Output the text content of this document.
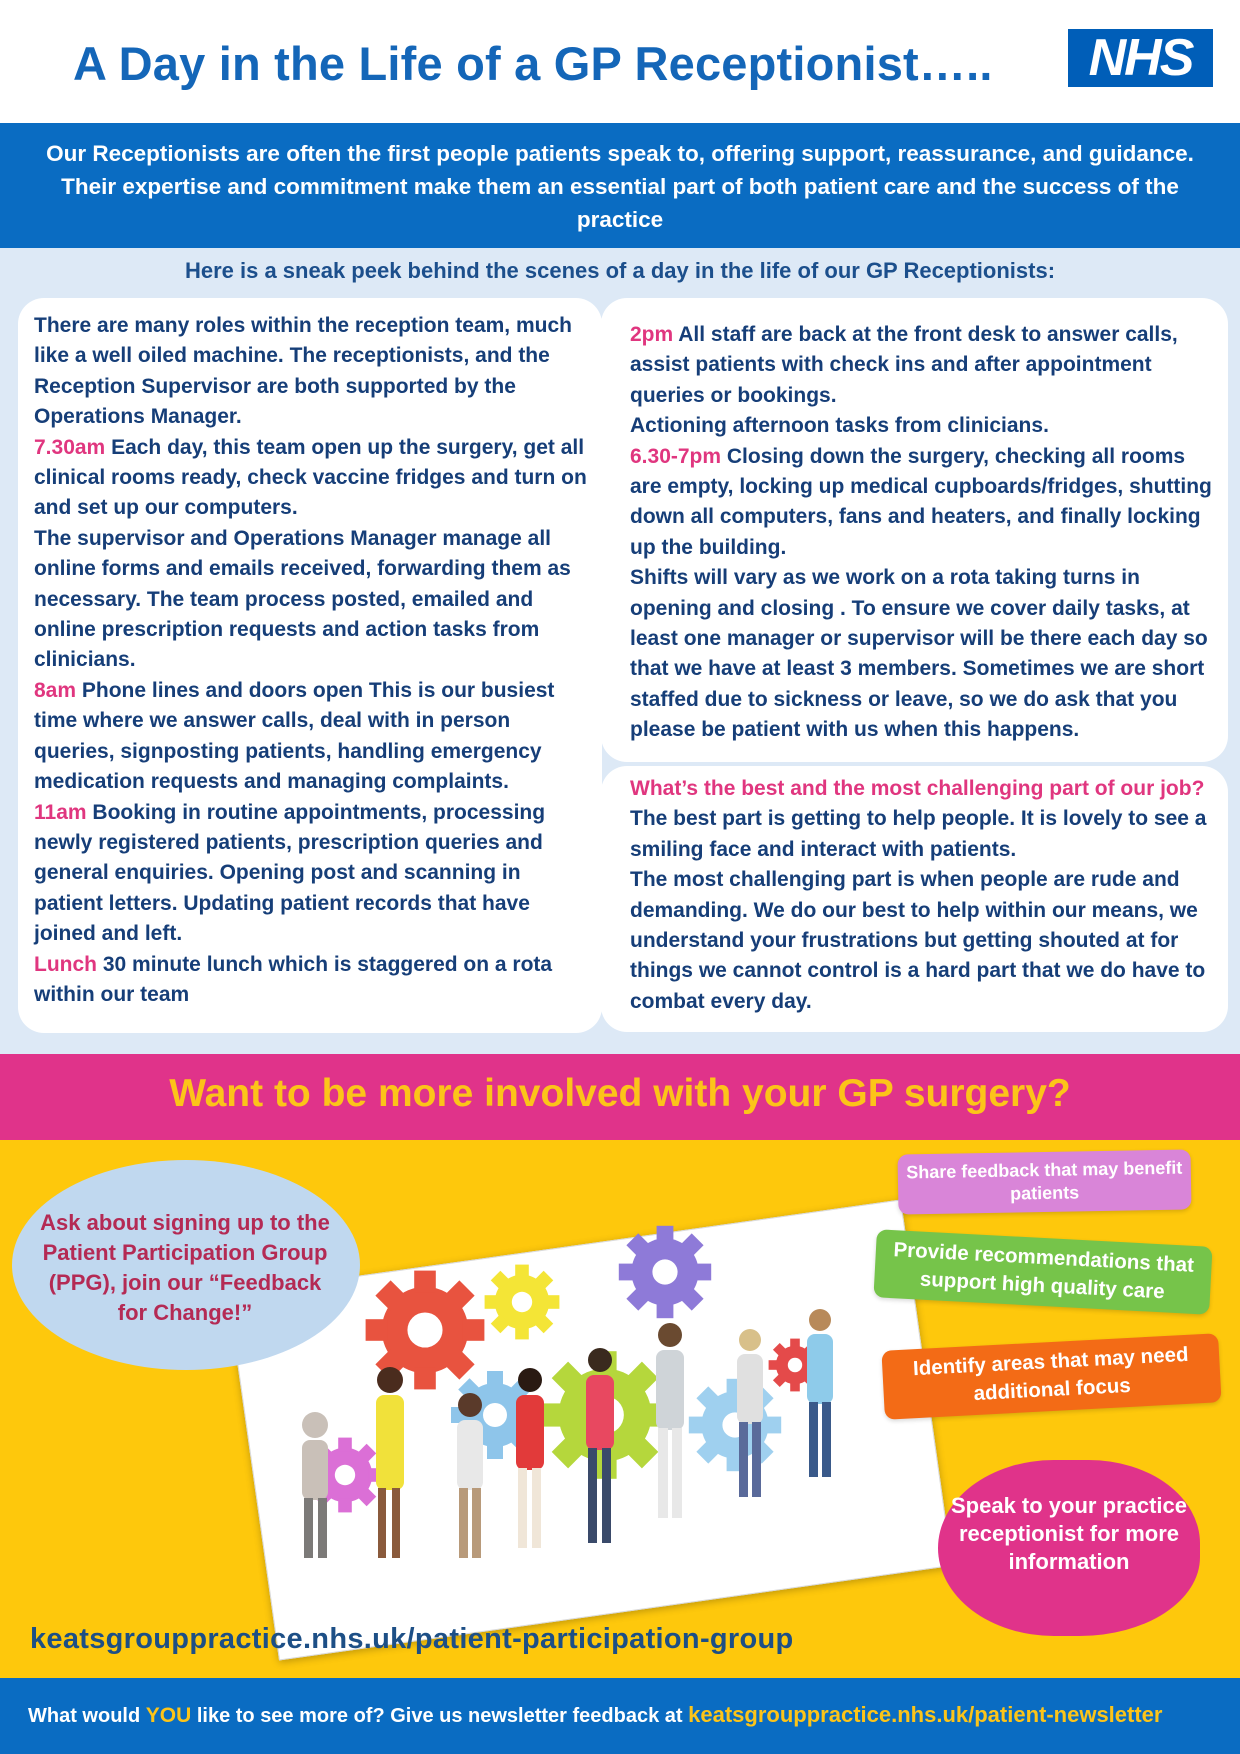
A Day in the Life of a GP Receptionist….. NHS
Our Receptionists are often the first people patients speak to, offering support, reassurance, and guidance. Their expertise and commitment make them an essential part of both patient care and the success of the practice
Here is a sneak peek behind the scenes of a day in the life of our GP Receptionists:

There are many roles within the reception team, much like a well oiled machine. The receptionists, and the Reception Supervisor are both supported by the Operations Manager.

7.30am Each day, this team open up the surgery, get all clinical rooms ready, check vaccine fridges and turn on and set up our computers.

The supervisor and Operations Manager manage all online forms and emails received, forwarding them as necessary. The team process posted, emailed and online prescription requests and action tasks from clinicians.

8am Phone lines and doors open This is our busiest time where we answer calls, deal with in person queries, signposting patients, handling emergency medication requests and managing complaints.

11am Booking in routine appointments, processing newly registered patients, prescription queries and general enquiries. Opening post and scanning in patient letters. Updating patient records that have joined and left.

Lunch 30 minute lunch which is staggered on a rota within our team

2pm All staff are back at the front desk to answer calls, assist patients with check ins and after appointment queries or bookings.

Actioning afternoon tasks from clinicians.

6.30-7pm Closing down the surgery, checking all rooms are empty, locking up medical cupboards/fridges, shutting down all computers, fans and heaters, and finally locking up the building.

Shifts will vary as we work on a rota taking turns in opening and closing . To ensure we cover daily tasks, at least one manager or supervisor will be there each day so that we have at least 3 members. Sometimes we are short staffed due to sickness or leave, so we do ask that you please be patient with us when this happens.

What’s the best and the most challenging part of our job? The best part is getting to help people. It is lovely to see a smiling face and interact with patients.

The most challenging part is when people are rude and demanding. We do our best to help within our means, we understand your frustrations but getting shouted at for things we cannot control is a hard part that we do have to combat every day.

Want to be more involved with your GP surgery?
Ask about signing up to the Patient Participation Group (PPG), join our “Feedback for Change!”
Share feedback that may benefit patients
Provide recommendations that support high quality care
Identify areas that may need additional focus
Speak to your practice receptionist for more information
keatsgrouppractice.nhs.uk/patient-participation-group
What would YOU like to see more of? Give us newsletter feedback at keatsgrouppractice.nhs.uk/patient-newsletter
